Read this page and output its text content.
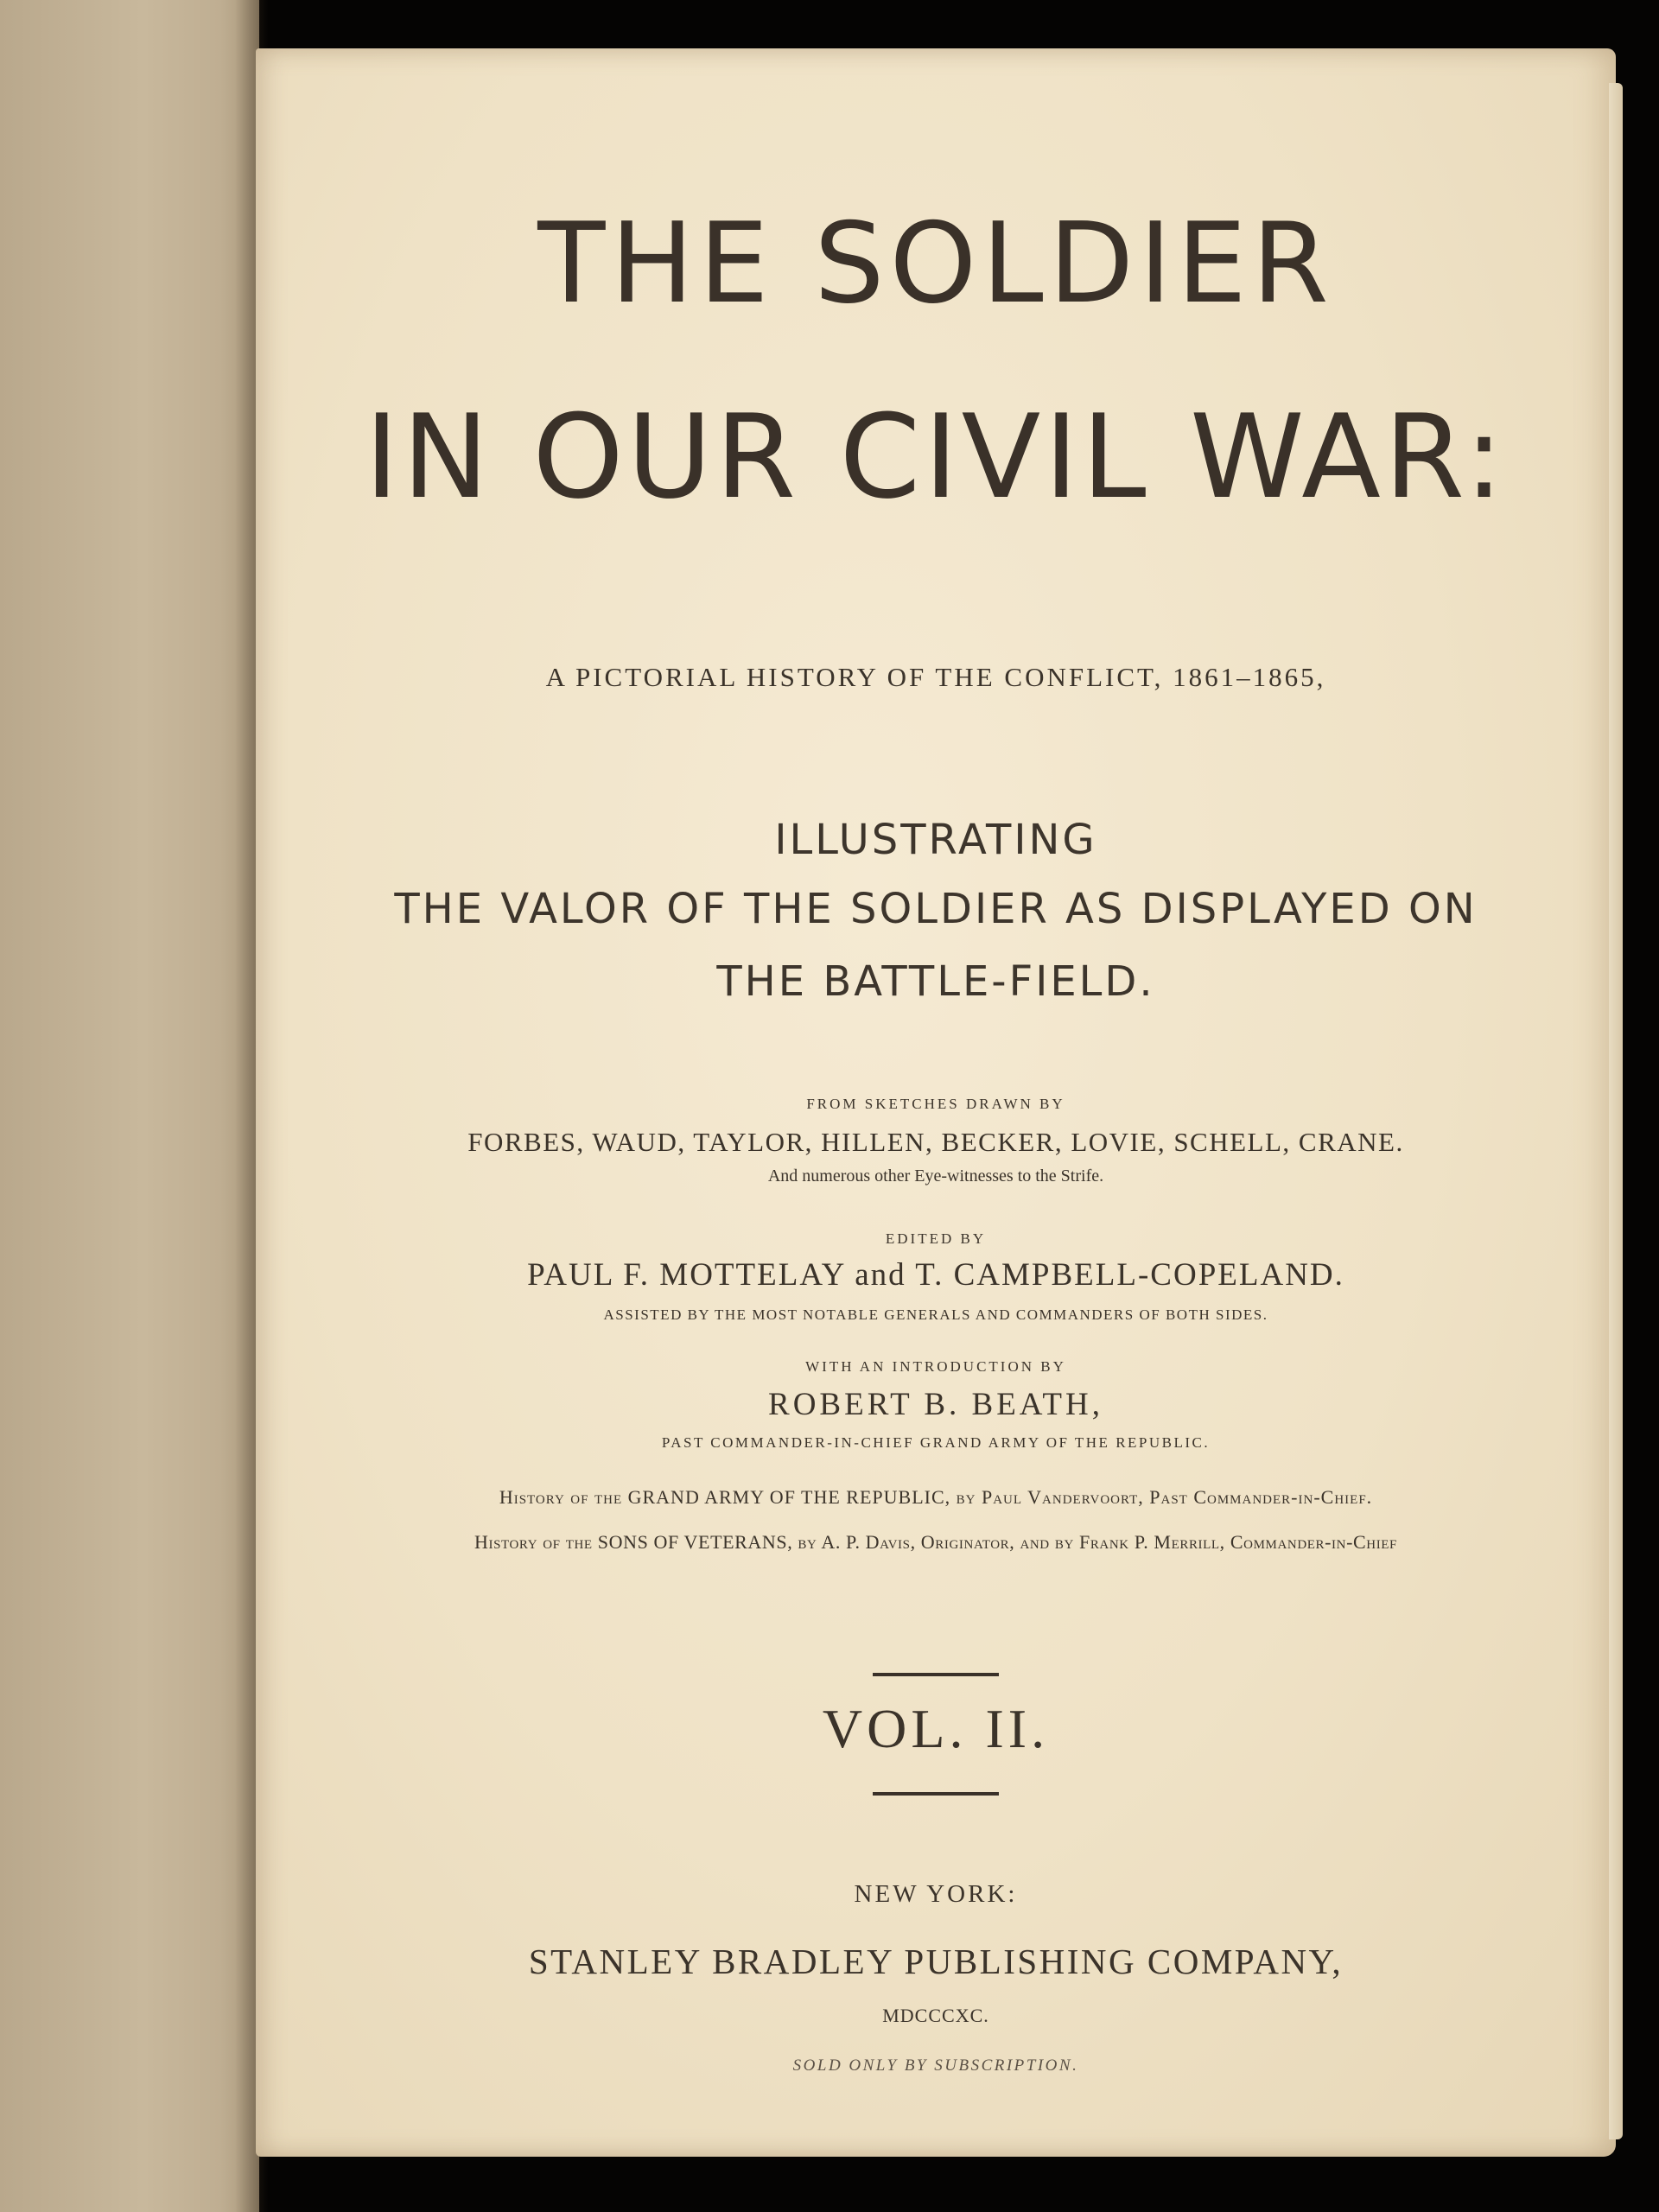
THE SOLDIER
IN OUR CIVIL WAR:
A PICTORIAL HISTORY OF THE CONFLICT, 1861–1865,
ILLUSTRATING
THE VALOR OF THE SOLDIER AS DISPLAYED ON
THE BATTLE-FIELD.
FROM SKETCHES DRAWN BY
FORBES, WAUD, TAYLOR, HILLEN, BECKER, LOVIE, SCHELL, CRANE.
And numerous other Eye-witnesses to the Strife.
EDITED BY
PAUL F. MOTTELAY and T. CAMPBELL-COPELAND.
ASSISTED BY THE MOST NOTABLE GENERALS AND COMMANDERS OF BOTH SIDES.
WITH AN INTRODUCTION BY
ROBERT B. BEATH,
PAST COMMANDER-IN-CHIEF GRAND ARMY OF THE REPUBLIC.
History of the GRAND ARMY OF THE REPUBLIC, by Paul Vandervoort, Past Commander-in-Chief.
History of the SONS OF VETERANS, by A. P. Davis, Originator, and by Frank P. Merrill, Commander-in-Chief
VOL. II.
NEW YORK:
STANLEY BRADLEY PUBLISHING COMPANY,
MDCCCXC.
SOLD ONLY BY SUBSCRIPTION.
